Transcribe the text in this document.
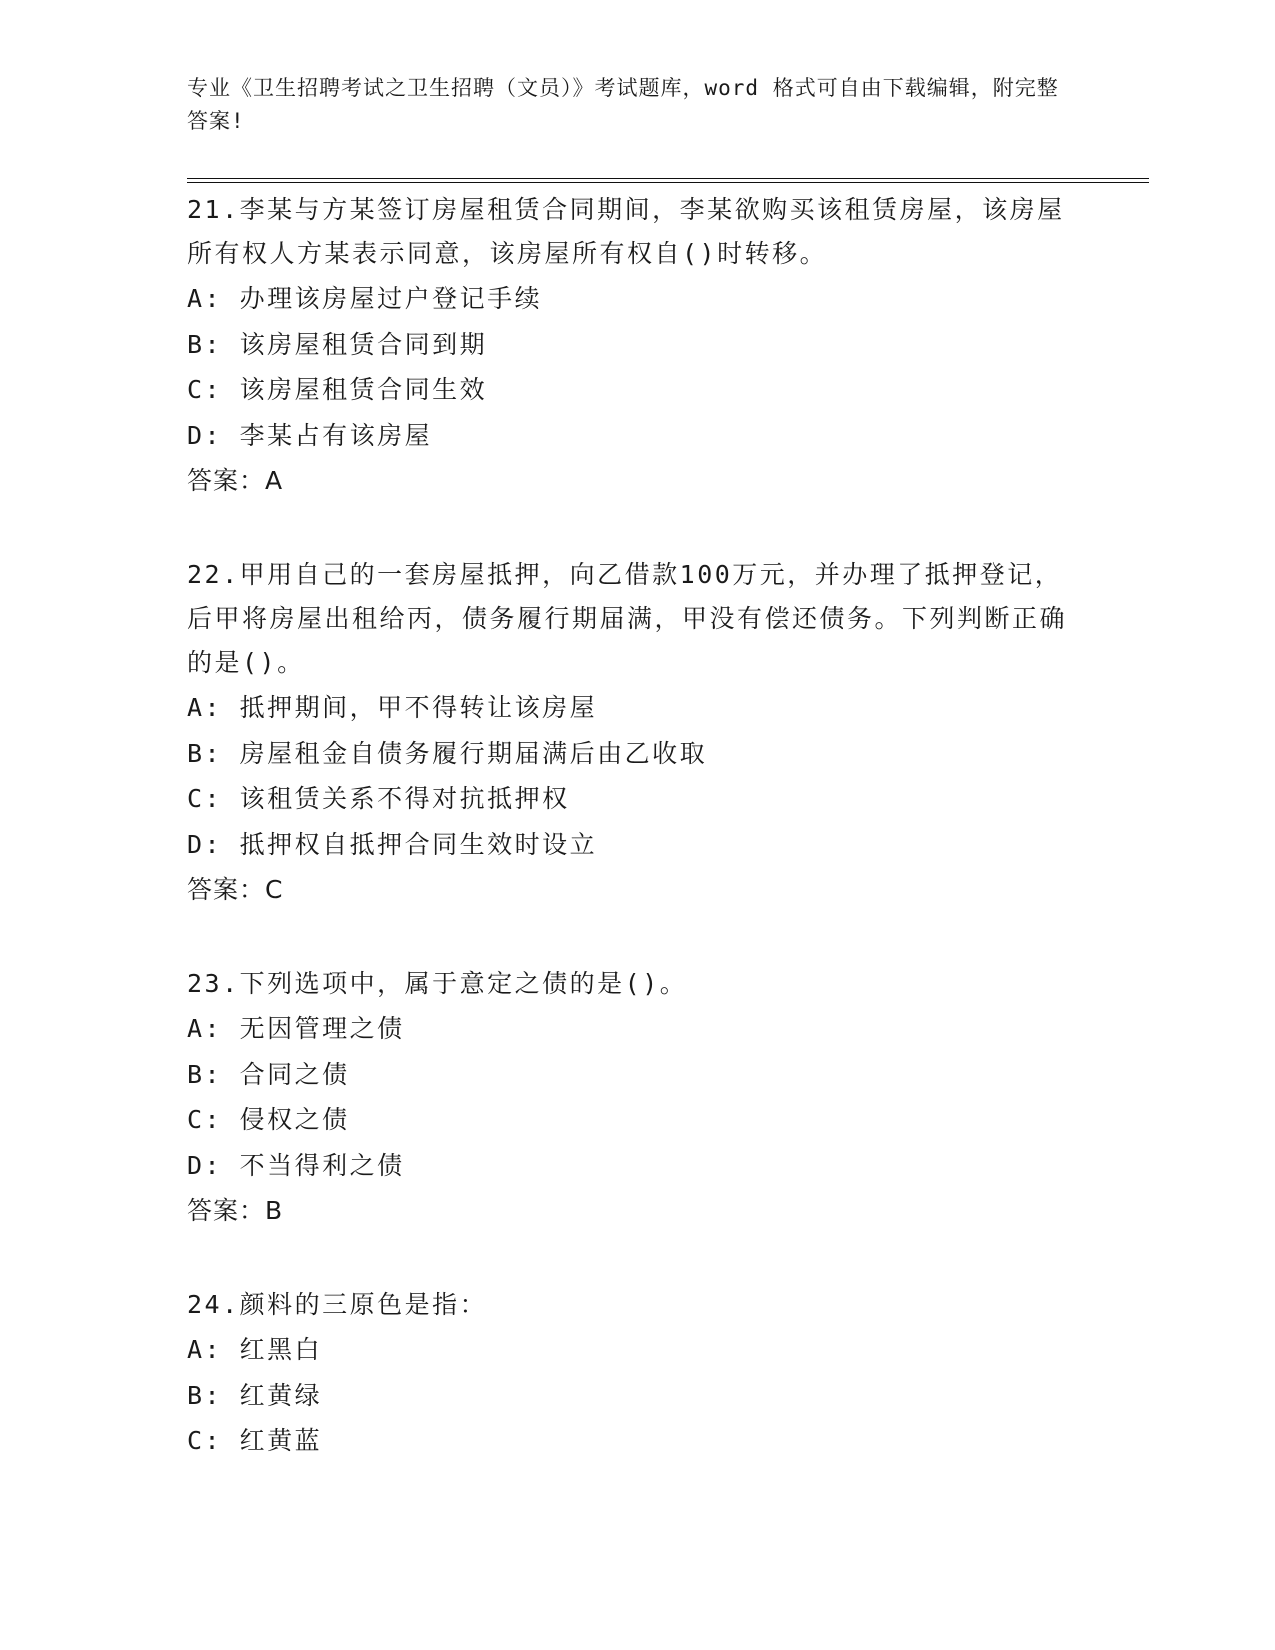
专业《卫生招聘考试之卫生招聘（文员）》考试题库，word 格式可自由下载编辑，附完整答案!
21.李某与方某签订房屋租赁合同期间，李某欲购买该租赁房屋，该房屋所有权人方某表示同意，该房屋所有权自()时转移。
A: 办理该房屋过户登记手续
B: 该房屋租赁合同到期
C: 该房屋租赁合同生效
D: 李某占有该房屋
答案：A
22.甲用自己的一套房屋抵押，向乙借款100万元，并办理了抵押登记，后甲将房屋出租给丙，债务履行期届满，甲没有偿还债务。下列判断正确的是()。
A: 抵押期间，甲不得转让该房屋
B: 房屋租金自债务履行期届满后由乙收取
C: 该租赁关系不得对抗抵押权
D: 抵押权自抵押合同生效时设立
答案：C
23.下列选项中，属于意定之债的是()。
A: 无因管理之债
B: 合同之债
C: 侵权之债
D: 不当得利之债
答案：B
24.颜料的三原色是指：
A: 红黑白
B: 红黄绿
C: 红黄蓝
